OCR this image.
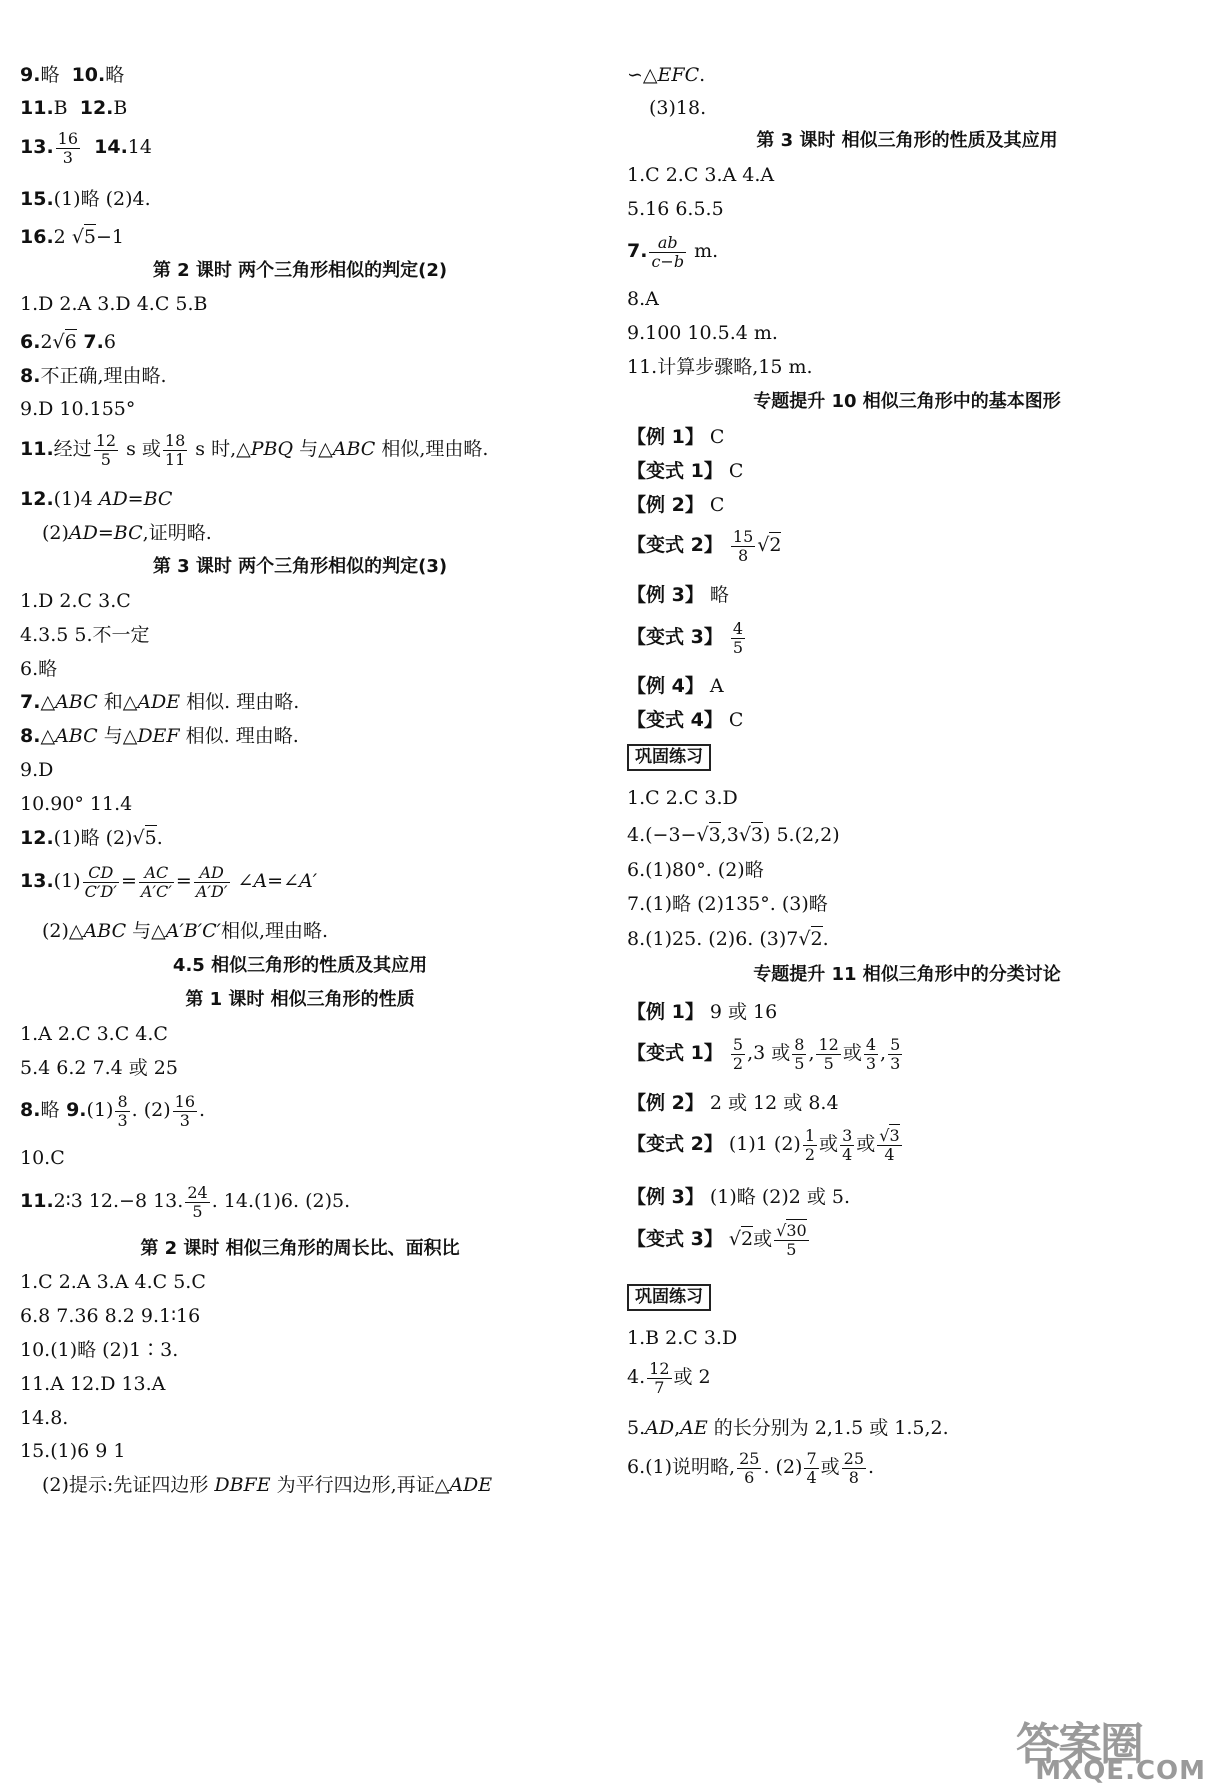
9.略 10.略
11.B 12.B
13. $\frac{16}{3} 14.14$
15.(1)略 (2)4.
16.2 √5−1
第 2 课时 两个三角形相似的判定(2)
1.D 2.A 3.D 4.C 5.B
6.2√6 7.6
8.不正确,理由略.
9.D 10.155°
11.经过 $\frac{12}{5}$ s 或 $\frac{18}{11}$ s 时,△PBQ 与△ABC 相似,理由略.
12.(1)4 AD=BC
(2)AD=BC,证明略.
第 3 课时 两个三角形相似的判定(3)
1.D 2.C 3.C
4.3.5 5.不一定
6.略
7.△ABC 和△ADE 相似. 理由略.
8.△ABC 与△DEF 相似. 理由略.
9.D
10.90° 11.4
12.(1)略 (2)√5.
$13.(1) \frac{CD}{C'D'} = \frac{AC}{A'C'} = \frac{AD}{A'D'}$ ∠A=∠A′
(2)△ABC 与△A′B′C′相似,理由略.
4.5 相似三角形的性质及其应用
第 1 课时 相似三角形的性质
1.A 2.C 3.C 4.C
5.4 6.2 7.4 或 25
8.略 $9.(1) \frac{8}{3}$ . $(2) \frac{16}{3}$ .
10.C
11.2∶3 12.−8 13. $\frac{24}{5}$ . 14.(1)6. (2)5.
第 2 课时 相似三角形的周长比、面积比
1.C 2.A 3.A 4.C 5.C
6.8 7.36 8.2 9.1∶16
10.(1)略 (2)1∶3.
11.A 12.D 13.A
14.8.
15.(1)6 9 1
(2)提示:先证四边形 DBFE 为平行四边形,再证△ADE
∽△EFC.
(3)18.
第 3 课时 相似三角形的性质及其应用
1.C 2.C 3.A 4.A
5.16 6.5.5
7. $\frac{ab}{c-b} m$.
8.A
9.100 10.5.4 m.
11.计算步骤略,15 m.
专题提升 10 相似三角形中的基本图形
【例 1】 C
【变式 1】 C
【例 2】 C
【变式 2】 $\frac{15}{8} √2$
【例 3】 略
【变式 3】 $\frac{4}{5}$
【例 4】 A
【变式 4】 C
巩固练习
1.C 2.C 3.D
4.(−3−√3,3√3) 5.(2,2)
6.(1)80°. (2)略
7.(1)略 (2)135°. (3)略
8.(1)25. (2)6. (3)7√2.
专题提升 11 相似三角形中的分类讨论
【例 1】 9 或 16
【变式 1】 $\frac{5}{2} ,3$ 或 $\frac{8}{5}$ , $\frac{12}{5}$ 或 $\frac{4}{3}$ , $\frac{5}{3}$
【例 2】 2 或 12 或 8.4
【变式 2】 (1)1 $(2) \frac{1}{2}$ 或 $\frac{3}{4}$ 或 $\frac{√3}{4}$
【例 3】 (1)略 (2)2 或 5.
【变式 3】 √2或 $\frac{√30}{5}$
巩固练习
1.B 2.C 3.D
4. $\frac{12}{7}$ 或 2
5.AD,AE 的长分别为 2,1.5 或 1.5,2.
6.(1)说明略, $\frac{25}{6}$ . $(2) \frac{7}{4}$ 或 $\frac{25}{8}$ .
答案圈
MXQE.COM
